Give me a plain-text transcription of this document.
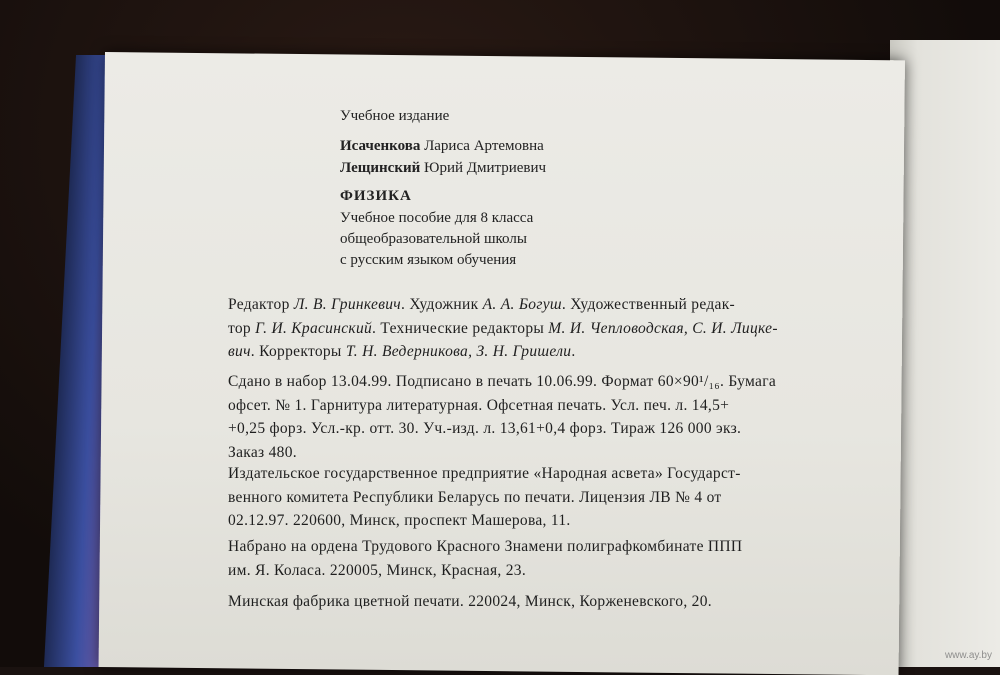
Учебное издание
Исаченкова Лариса Артемовна
Лещинский Юрий Дмитриевич
ФИЗИКА
Учебное пособие для 8 класса
общеобразовательной школы
с русским языком обучения
Редактор Л. В. Гринкевич. Художник А. А. Богуш. Художественный редак-
тор Г. И. Красинский. Технические редакторы М. И. Чепловодская, С. И. Лицке-
вич. Корректоры Т. Н. Ведерникова, З. Н. Гришели.
Сдано в набор 13.04.99. Подписано в печать 10.06.99. Формат 60×90¹/₁₆. Бумага
офсет. № 1. Гарнитура литературная. Офсетная печать. Усл. печ. л. 14,5+
+0,25 форз. Усл.-кр. отт. 30. Уч.-изд. л. 13,61+0,4 форз. Тираж 126 000 экз.
Заказ 480.
Издательское государственное предприятие «Народная асвета» Государст-
венного комитета Республики Беларусь по печати. Лицензия ЛВ № 4 от
02.12.97. 220600, Минск, проспект Машерова, 11.
Набрано на ордена Трудового Красного Знамени полиграфкомбинате ППП
им. Я. Коласа. 220005, Минск, Красная, 23.
Минская фабрика цветной печати. 220024, Минск, Корженевского, 20.
www.ay.by
